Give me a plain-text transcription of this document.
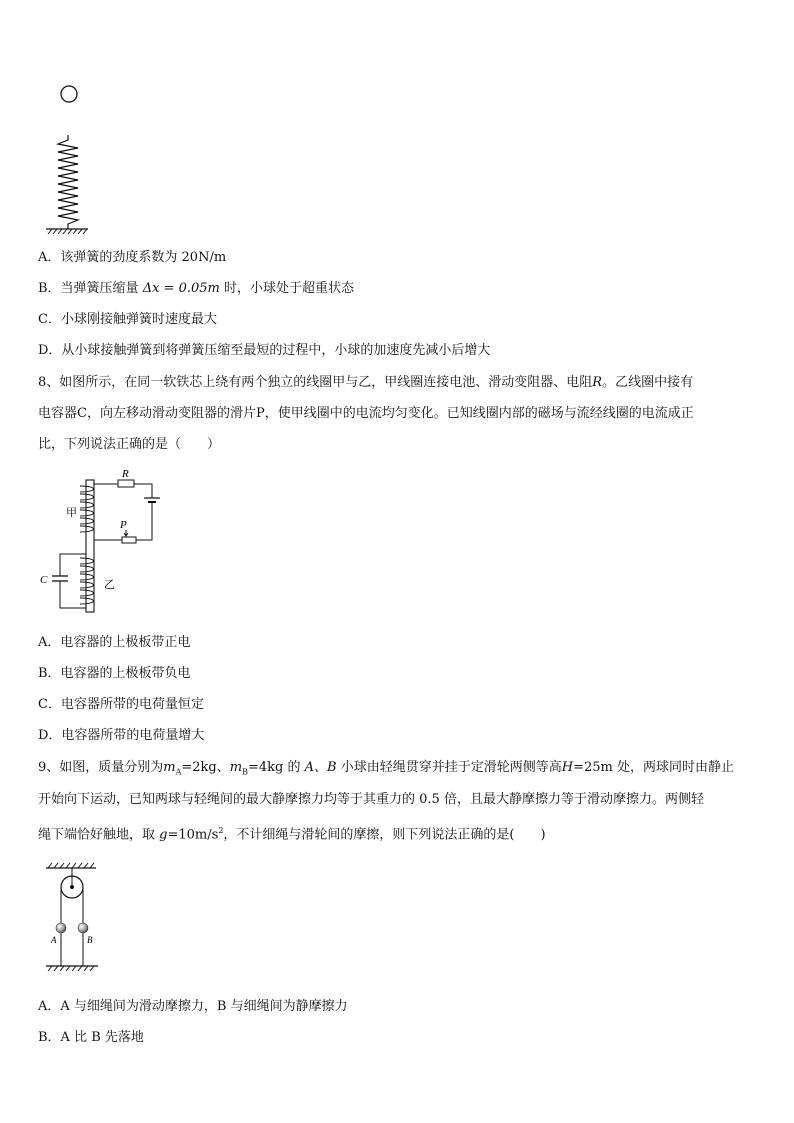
A．该弹簧的劲度系数为 20N/m
B．当弹簧压缩量 Δx = 0.05m 时，小球处于超重状态
C．小球刚接触弹簧时速度最大
D．从小球接触弹簧到将弹簧压缩至最短的过程中，小球的加速度先减小后增大
8、如图所示，在同一软铁芯上绕有两个独立的线圈甲与乙，甲线圈连接电池、滑动变阻器、电阻R。乙线圈中接有
电容器C，向左移动滑动变阻器的滑片P，使甲线圈中的电流均匀变化。已知线圈内部的磁场与流经线圈的电流成正
比，下列说法正确的是（　　）
R
P
C
甲
乙
A．电容器的上极板带正电
B．电容器的上极板带负电
C．电容器所带的电荷量恒定
D．电容器所带的电荷量增大
9、如图，质量分别为$m_A=2kg$、$m_B=4kg$ 的 A、B 小球由轻绳贯穿并挂于定滑轮两侧等高H=25m 处，两球同时由静止
开始向下运动，已知两球与轻绳间的最大静摩擦力均等于其重力的 0.5 倍，且最大静摩擦力等于滑动摩擦力。两侧轻
绳下端恰好触地，取 $g=10m/s^2$，不计细绳与滑轮间的摩擦，则下列说法正确的是(　　)
A	B
A．A 与细绳间为滑动摩擦力，B 与细绳间为静摩擦力
B．A 比 B 先落地
